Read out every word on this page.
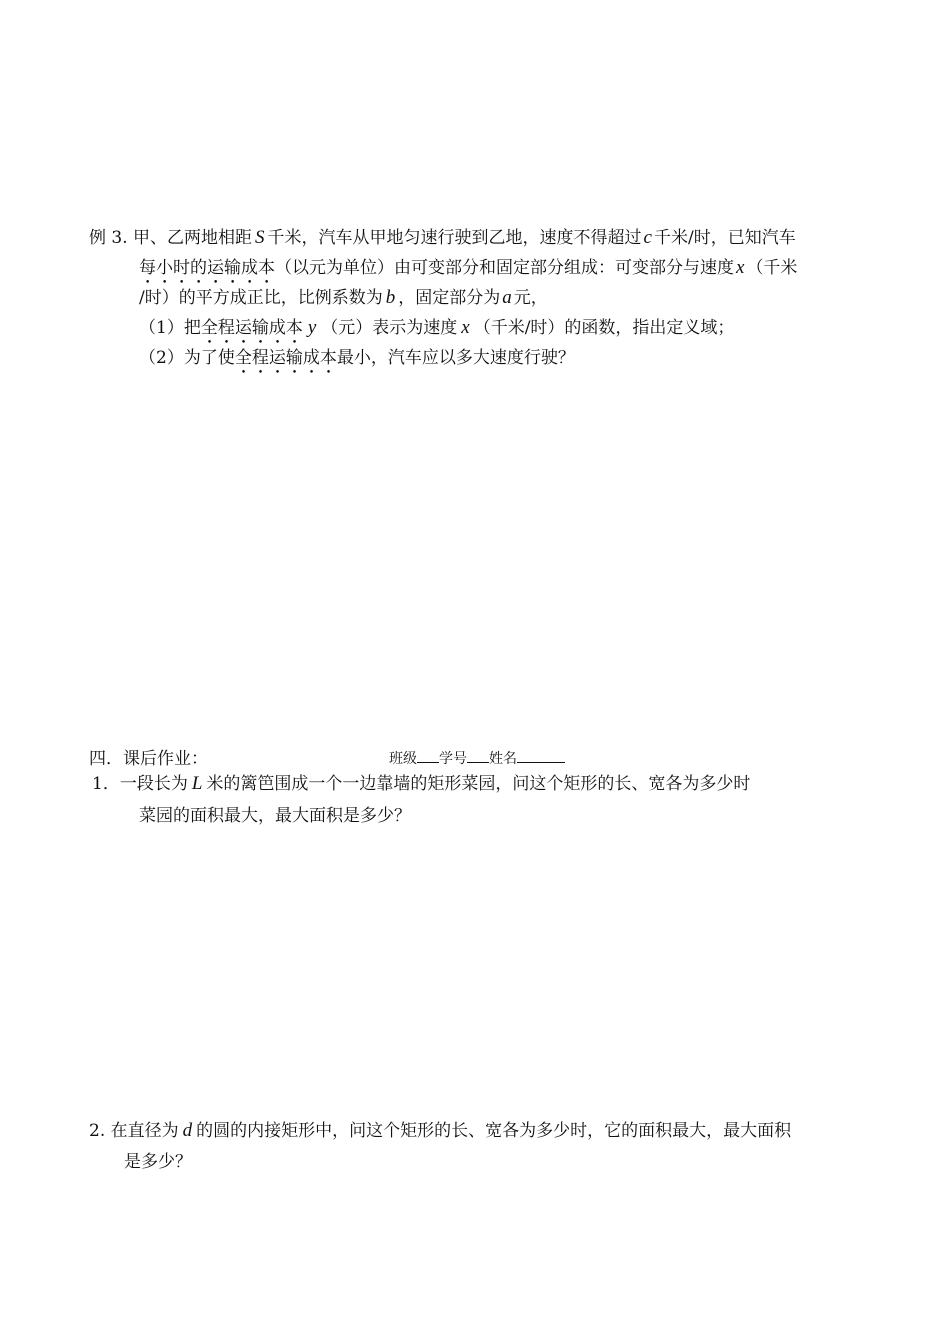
例 3. 甲、乙两地相距 S 千米，汽车从甲地匀速行驶到乙地，速度不得超过 c 千米/时，已知汽车
每小时的运输成本（以元为单位）由可变部分和固定部分组成：可变部分与速度 x （千米
/时）的平方成正比，比例系数为 b ，固定部分为 a 元，
（1）把全程运输成本 y （元）表示为速度 x （千米/时）的函数，指出定义域；
（2）为了使全程运输成本最小，汽车应以多大速度行驶？
四．课后作业：	班级 学号 姓名
1．一段长为 L 米的篱笆围成一个一边靠墙的矩形菜园，问这个矩形的长、宽各为多少时
菜园的面积最大，最大面积是多少？
2. 在直径为 d 的圆的内接矩形中，问这个矩形的长、宽各为多少时，它的面积最大，最大面积
是多少？
